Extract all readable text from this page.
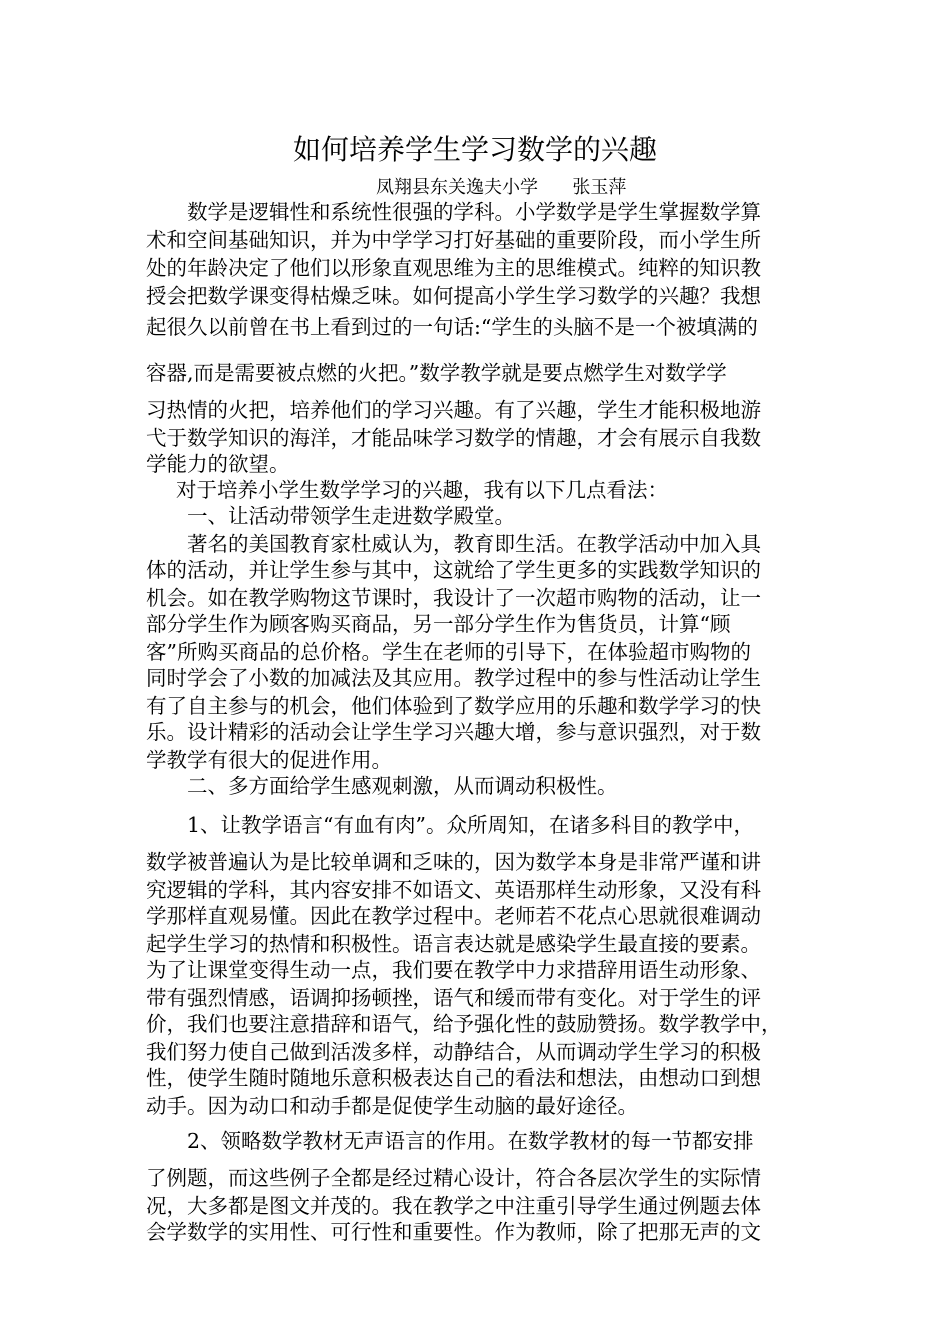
如何培养学生学习数学的兴趣
凤翔县东关逸夫小学      张玉萍
数学是逻辑性和系统性很强的学科。小学数学是学生掌握数学算
术和空间基础知识，并为中学学习打好基础的重要阶段，而小学生所
处的年龄决定了他们以形象直观思维为主的思维模式。纯粹的知识教
授会把数学课变得枯燥乏味。如何提高小学生学习数学的兴趣？我想
起很久以前曾在书上看到过的一句话:“学生的头脑不是一个被填满的
容器,而是需要被点燃的火把。”数学教学就是要点燃学生对数学学
习热情的火把，培养他们的学习兴趣。有了兴趣，学生才能积极地游
弋于数学知识的海洋，才能品味学习数学的情趣，才会有展示自我数
学能力的欲望。
对于培养小学生数学学习的兴趣，我有以下几点看法：
一、让活动带领学生走进数学殿堂。
著名的美国教育家杜威认为，教育即生活。在教学活动中加入具
体的活动，并让学生参与其中，这就给了学生更多的实践数学知识的
机会。如在教学购物这节课时，我设计了一次超市购物的活动，让一
部分学生作为顾客购买商品，另一部分学生作为售货员，计算“顾
客”所购买商品的总价格。学生在老师的引导下，在体验超市购物的
同时学会了小数的加减法及其应用。教学过程中的参与性活动让学生
有了自主参与的机会，他们体验到了数学应用的乐趣和数学学习的快
乐。设计精彩的活动会让学生学习兴趣大增，参与意识强烈，对于数
学教学有很大的促进作用。
二、多方面给学生感观刺激，从而调动积极性。
1、让教学语言“有血有肉”。众所周知，在诸多科目的教学中，
数学被普遍认为是比较单调和乏味的，因为数学本身是非常严谨和讲
究逻辑的学科，其内容安排不如语文、英语那样生动形象，又没有科
学那样直观易懂。因此在教学过程中。老师若不花点心思就很难调动
起学生学习的热情和积极性。语言表达就是感染学生最直接的要素。
为了让课堂变得生动一点，我们要在教学中力求措辞用语生动形象、
带有强烈情感，语调抑扬顿挫，语气和缓而带有变化。对于学生的评
价，我们也要注意措辞和语气，给予强化性的鼓励赞扬。数学教学中，
我们努力使自己做到活泼多样，动静结合，从而调动学生学习的积极
性，使学生随时随地乐意积极表达自己的看法和想法，由想动口到想
动手。因为动口和动手都是促使学生动脑的最好途径。
2、领略数学教材无声语言的作用。在数学教材的每一节都安排
了例题，而这些例子全都是经过精心设计，符合各层次学生的实际情
况，大多都是图文并茂的。我在教学之中注重引导学生通过例题去体
会学数学的实用性、可行性和重要性。作为教师，除了把那无声的文
